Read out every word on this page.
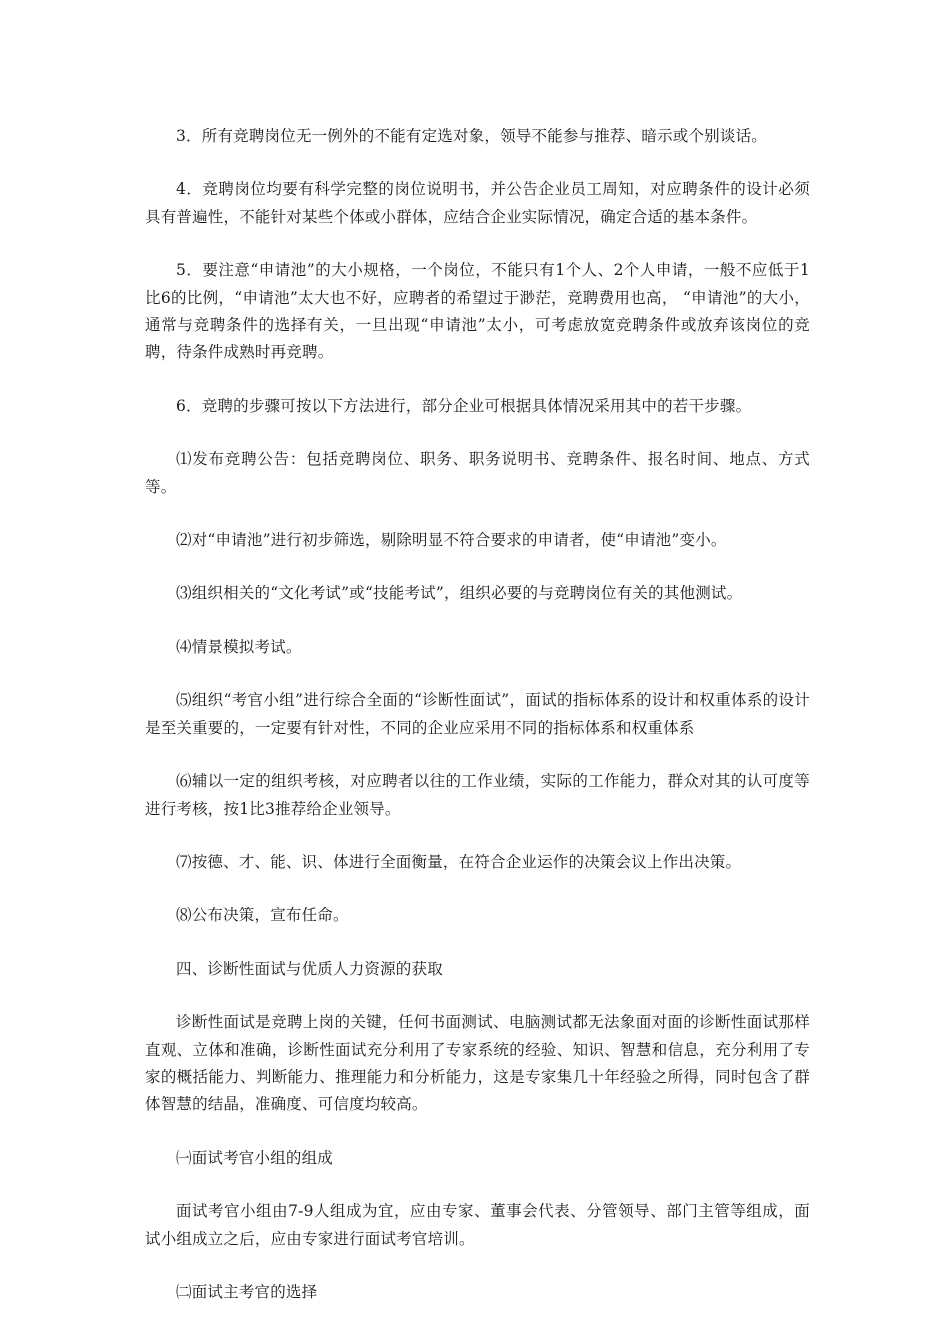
3．所有竞聘岗位无一例外的不能有定选对象，领导不能参与推荐、暗示或个别谈话。

4．竞聘岗位均要有科学完整的岗位说明书，并公告企业员工周知，对应聘条件的设计必须具有普遍性，不能针对某些个体或小群体，应结合企业实际情况，确定合适的基本条件。

5．要注意“申请池”的大小规格，一个岗位，不能只有1个人、2个人申请，一般不应低于1比6的比例，“申请池”太大也不好，应聘者的希望过于渺茫，竞聘费用也高， “申请池”的大小，通常与竞聘条件的选择有关，一旦出现“申请池”太小，可考虑放宽竞聘条件或放弃该岗位的竞聘，待条件成熟时再竞聘。

6．竞聘的步骤可按以下方法进行，部分企业可根据具体情况采用其中的若干步骤。

⑴发布竞聘公告：包括竞聘岗位、职务、职务说明书、竞聘条件、报名时间、地点、方式等。

⑵对“申请池”进行初步筛选，剔除明显不符合要求的申请者，使“申请池”变小。

⑶组织相关的“文化考试”或“技能考试”，组织必要的与竞聘岗位有关的其他测试。

⑷情景模拟考试。

⑸组织“考官小组”进行综合全面的“诊断性面试”，面试的指标体系的设计和权重体系的设计是至关重要的，一定要有针对性，不同的企业应采用不同的指标体系和权重体系

⑹辅以一定的组织考核，对应聘者以往的工作业绩，实际的工作能力，群众对其的认可度等进行考核，按1比3推荐给企业领导。

⑺按德、才、能、识、体进行全面衡量，在符合企业运作的决策会议上作出决策。

⑻公布决策，宣布任命。

四、诊断性面试与优质人力资源的获取

诊断性面试是竞聘上岗的关键，任何书面测试、电脑测试都无法象面对面的诊断性面试那样直观、立体和准确，诊断性面试充分利用了专家系统的经验、知识、智慧和信息，充分利用了专家的概括能力、判断能力、推理能力和分析能力，这是专家集几十年经验之所得，同时包含了群体智慧的结晶，准确度、可信度均较高。

㈠面试考官小组的组成

面试考官小组由7-9人组成为宜，应由专家、董事会代表、分管领导、部门主管等组成，面试小组成立之后，应由专家进行面试考官培训。

㈡面试主考官的选择
